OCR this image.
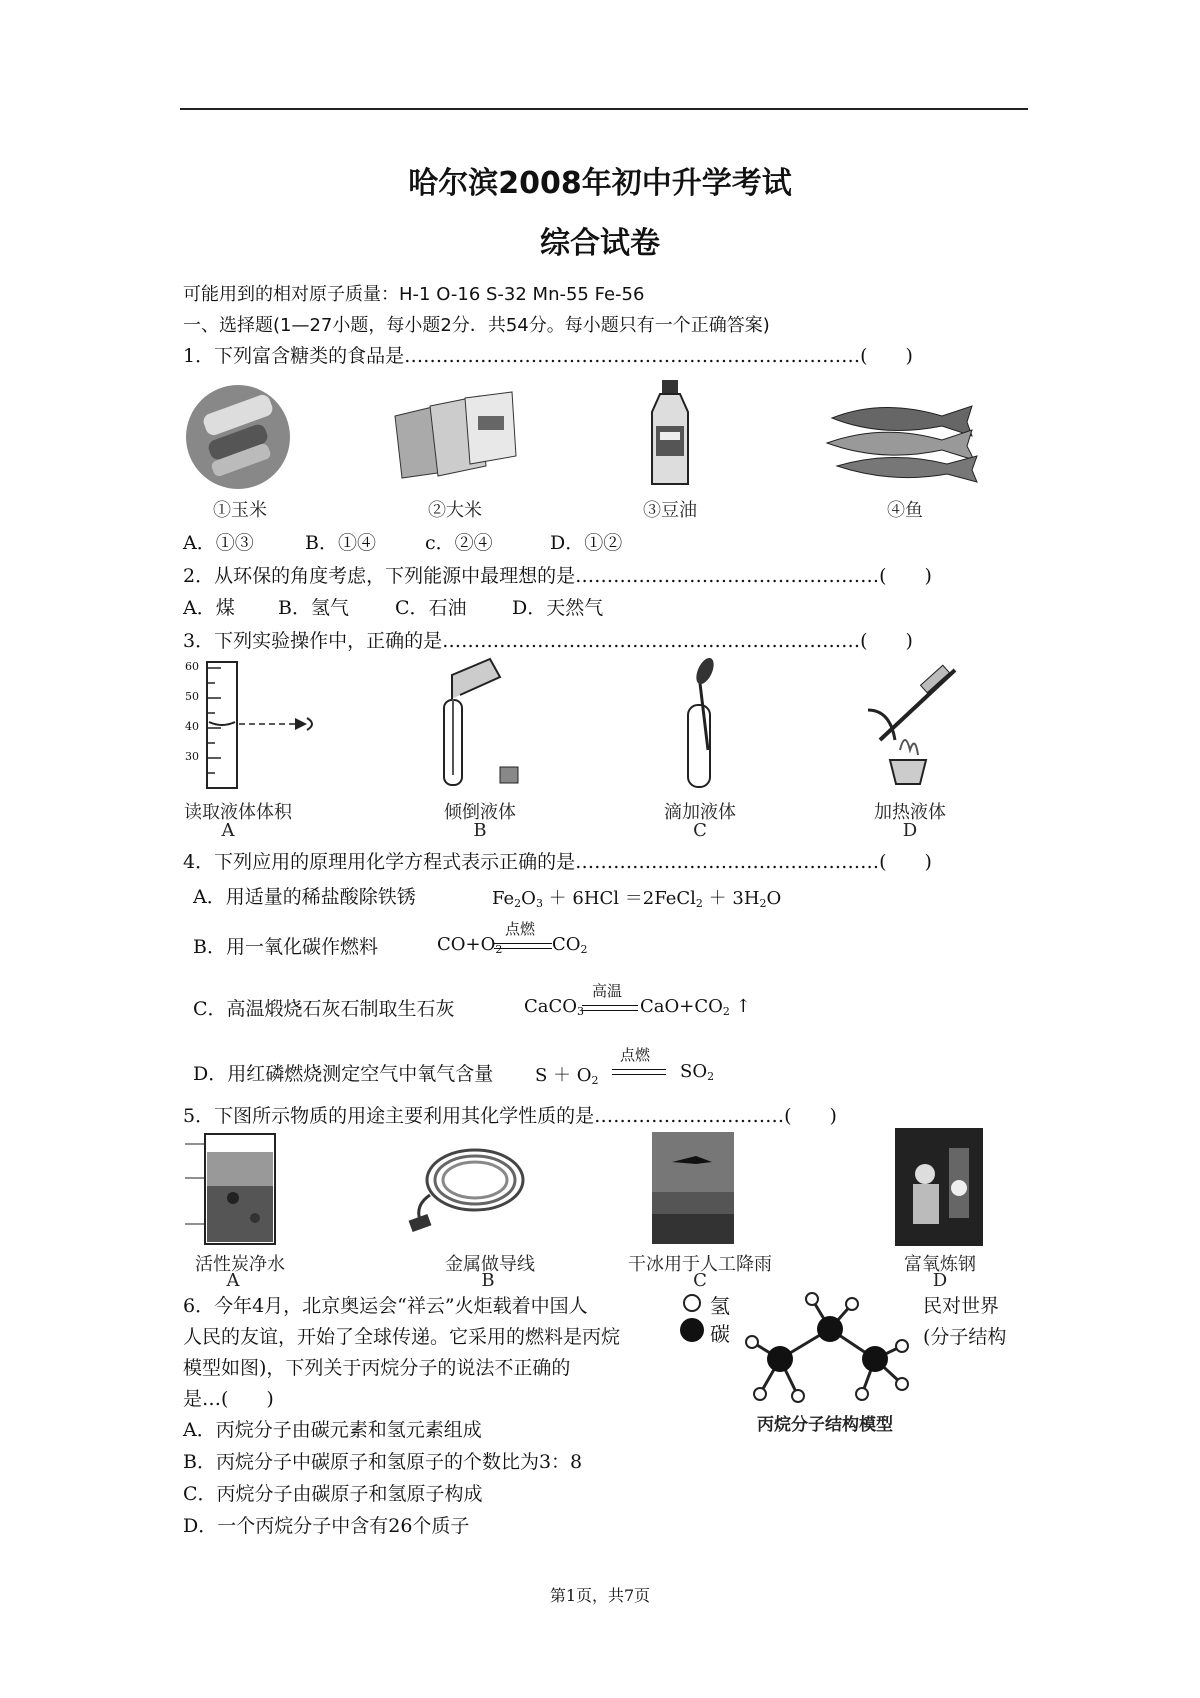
哈尔滨2008年初中升学考试
综合试卷
可能用到的相对原子质量：H-1 O-16 S-32 Mn-55 Fe-56
一、选择题(1—27小题，每小题2分．共54分。每小题只有一个正确答案)
1．下列富含糖类的食品是………………………………………………………………(　　)
①玉米	②大米	③豆油	④鱼
A．①③	B．①④	c．②④	D．①②
2．从环保的角度考虑，下列能源中最理想的是…………………………………………(　　)
A．煤 B．氢气 C．石油 D．天然气
3．下列实验操作中，正确的是…………………………………………………………(　　)
60
50
40
30
读取液体体积	倾倒液体	滴加液体	加热液体
A	B	C	D
4．下列应用的原理用化学方程式表示正确的是…………………………………………(　　)
A．用适量的稀盐酸除铁锈	$Fe_2O_3 + 6HCl$ ＝2FeCl$_2$ ＋ $3H_2O$
B．用一氧化碳作燃料	$CO+O_2$
点燃
$CO_2$
C．高温煅烧石灰石制取生石灰	CaCO$_3$
高温
$CaO+CO_2$ ↑
D．用红磷燃烧测定空气中氧气含量 $S + O_2$
点燃
$SO_2$
5．下图所示物质的用途主要利用其化学性质的是…………………………(　　)
活性炭净水	金属做导线	干冰用于人工降雨	富氧炼钢
A	B	C	D
6．今年4月，北京奥运会“祥云”火炬载着中国人	民对世界
人民的友谊，开始了全球传递。它采用的燃料是丙烷	(分子结构
模型如图)，下列关于丙烷分子的说法不正确的
是…(　　)
氢
碳
丙烷分子结构模型
A．丙烷分子由碳元素和氢元素组成
B．丙烷分子中碳原子和氢原子的个数比为3：8
C．丙烷分子由碳原子和氢原子构成
D．一个丙烷分子中含有26个质子
第1页，共7页
